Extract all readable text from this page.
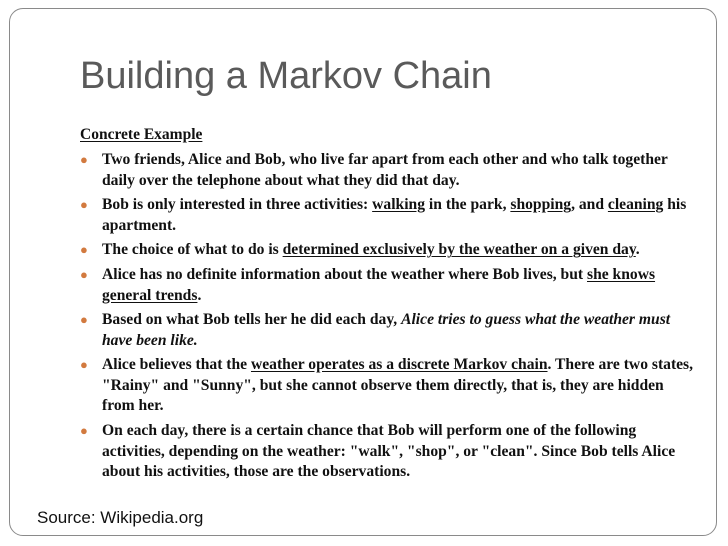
Building a Markov Chain
Concrete Example
● Two friends, Alice and Bob, who live far apart from each other and who talk together daily over the telephone about what they did that day.
● Bob is only interested in three activities: walking in the park, shopping, and cleaning his apartment.
● The choice of what to do is determined exclusively by the weather on a given day.
● Alice has no definite information about the weather where Bob lives, but she knows general trends.
● Based on what Bob tells her he did each day, Alice tries to guess what the weather must have been like.
● Alice believes that the weather operates as a discrete Markov chain. There are two states, "Rainy" and "Sunny", but she cannot observe them directly, that is, they are hidden from her.
● On each day, there is a certain chance that Bob will perform one of the following activities, depending on the weather: "walk", "shop", or "clean". Since Bob tells Alice about his activities, those are the observations.
Source: Wikipedia.org
